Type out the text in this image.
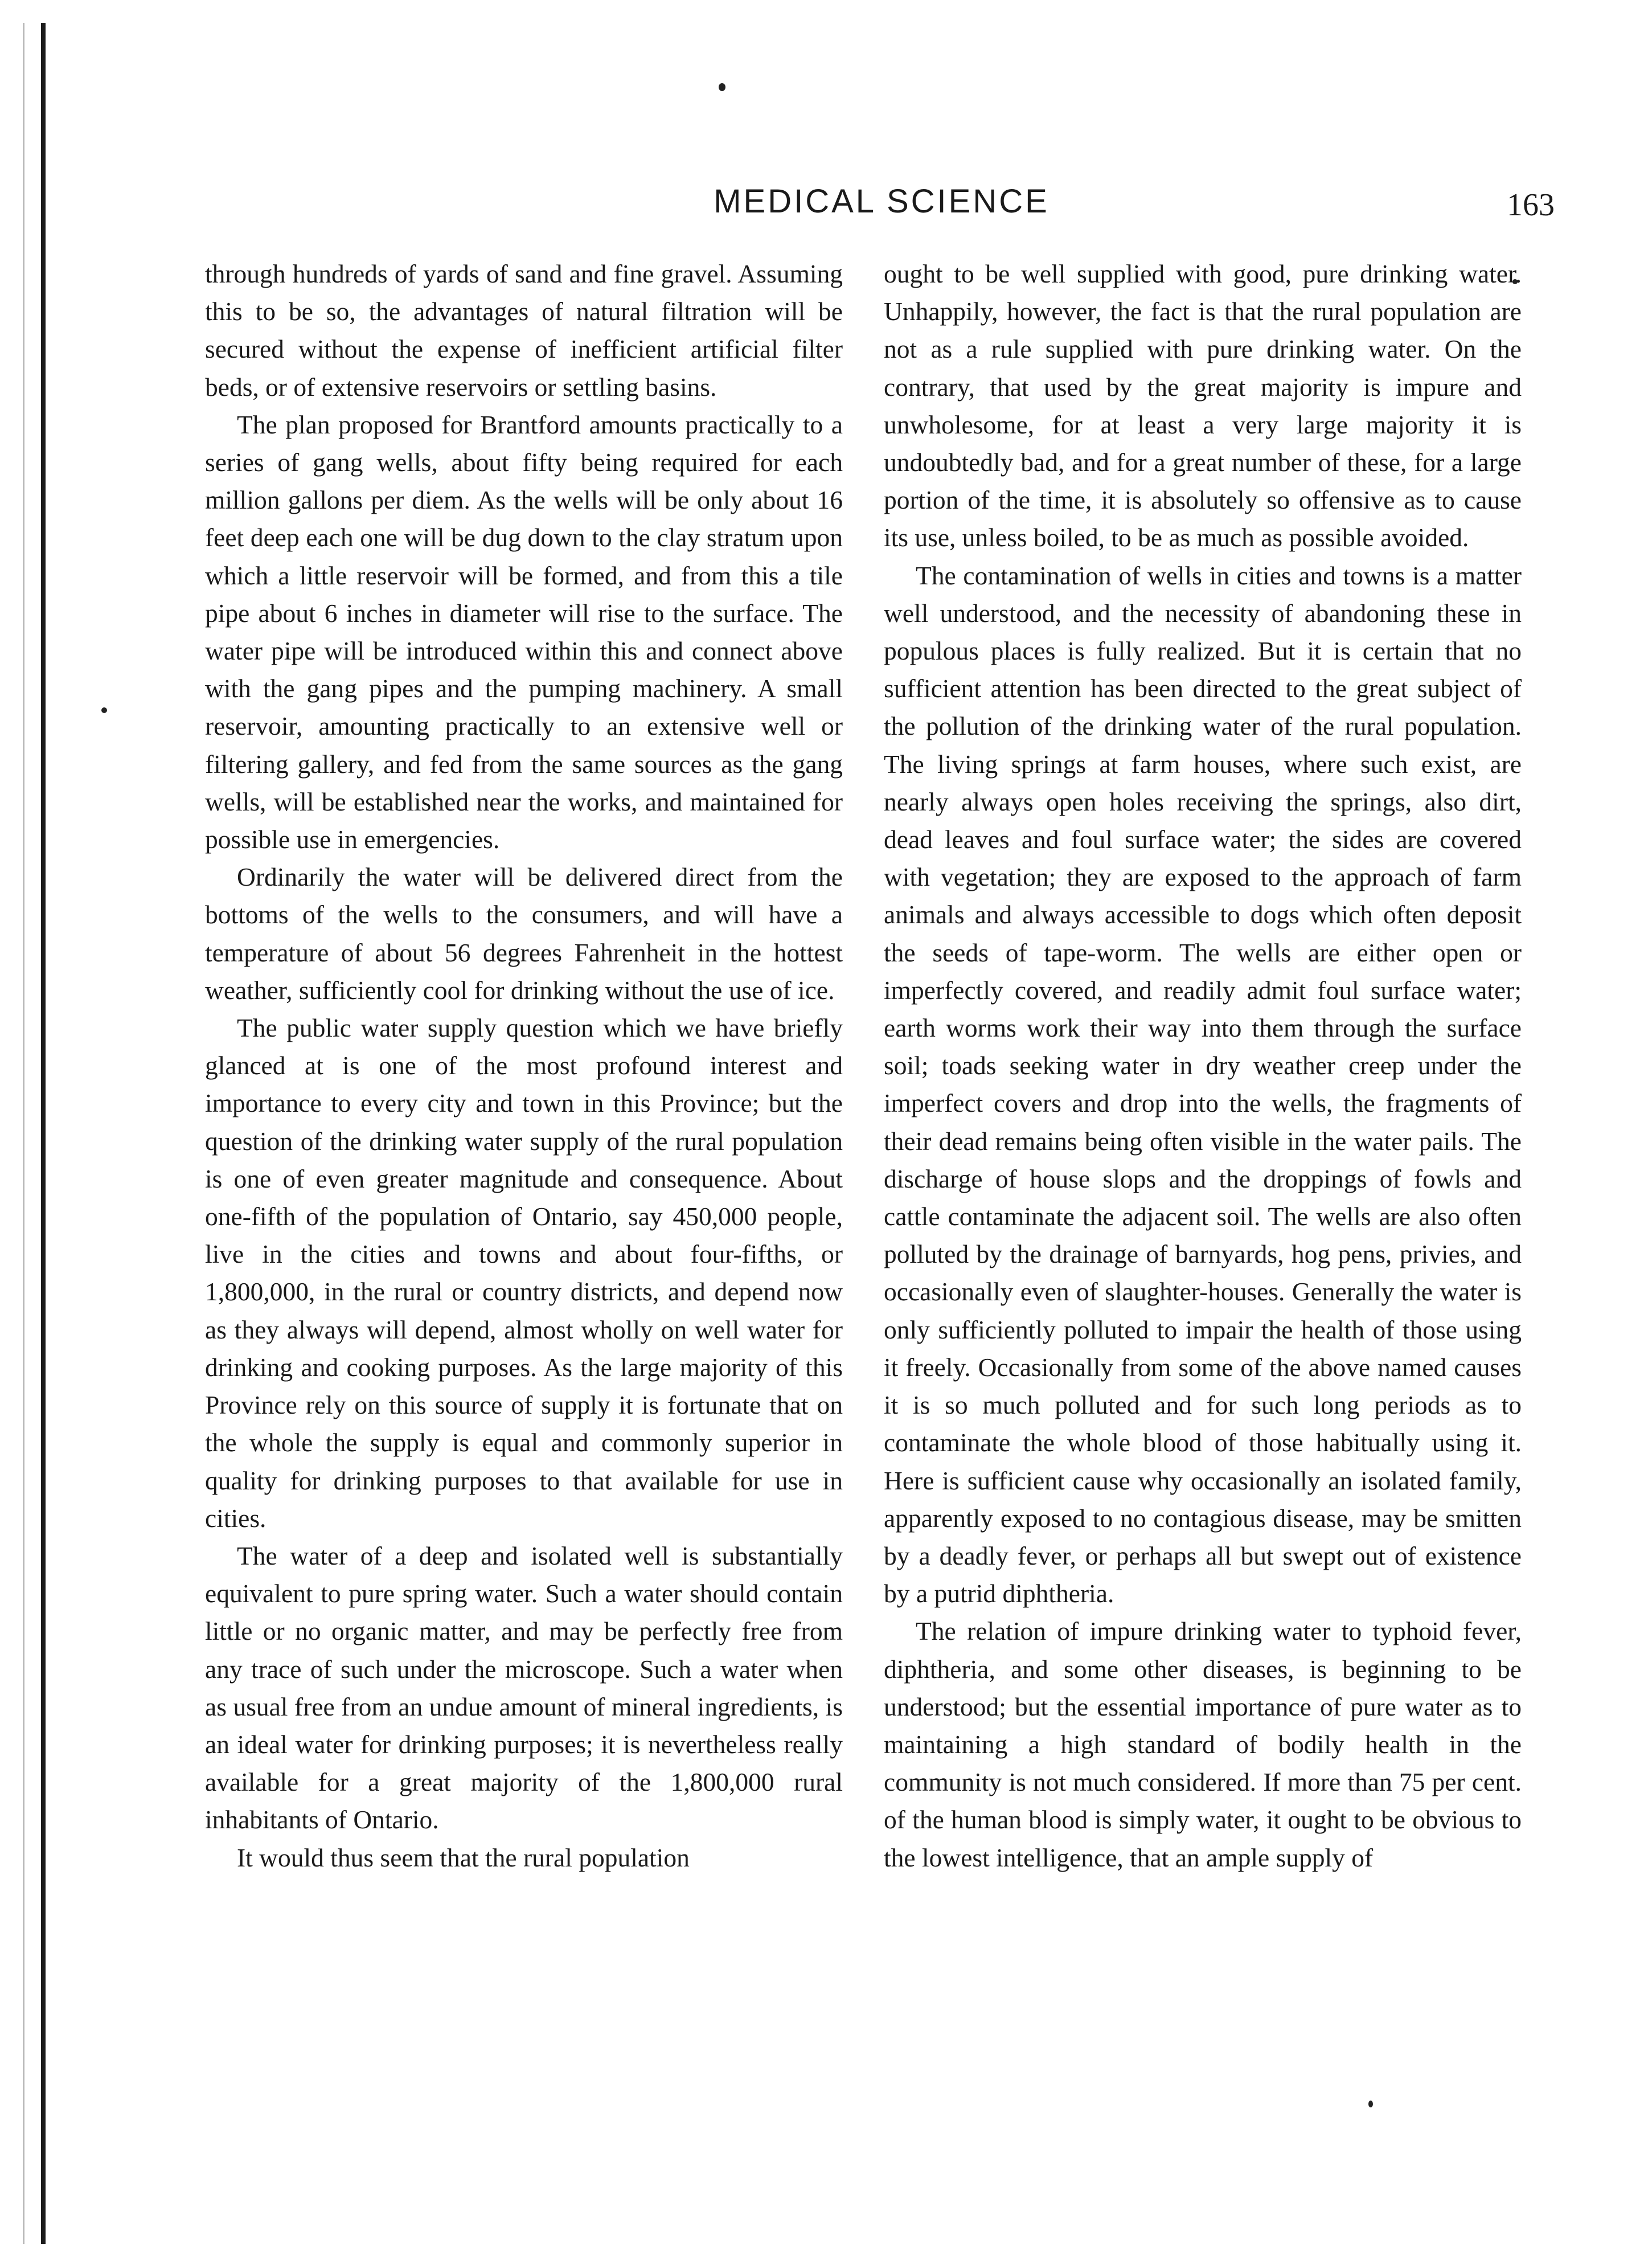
MEDICAL SCIENCE	163

through hundreds of yards of sand and fine gravel. Assuming this to be so, the advantages of natural filtration will be secured without the expense of inefficient artificial filter beds, or of extensive reservoirs or settling basins.

The plan proposed for Brantford amounts practically to a series of gang wells, about fifty being required for each million gallons per diem. As the wells will be only about 16 feet deep each one will be dug down to the clay stratum upon which a little reservoir will be formed, and from this a tile pipe about 6 inches in diameter will rise to the surface. The water pipe will be introduced within this and connect above with the gang pipes and the pumping machinery. A small reservoir, amounting practically to an extensive well or filtering gallery, and fed from the same sources as the gang wells, will be established near the works, and maintained for possible use in emergencies.

Ordinarily the water will be delivered direct from the bottoms of the wells to the consumers, and will have a temperature of about 56 degrees Fahrenheit in the hottest weather, sufficiently cool for drinking without the use of ice.

The public water supply question which we have briefly glanced at is one of the most profound interest and importance to every city and town in this Province; but the question of the drinking water supply of the rural population is one of even greater magnitude and consequence. About one-fifth of the population of Ontario, say 450,000 people, live in the cities and towns and about four-fifths, or 1,800,000, in the rural or country districts, and depend now as they always will depend, almost wholly on well water for drinking and cooking purposes. As the large majority of this Province rely on this source of supply it is fortunate that on the whole the supply is equal and commonly superior in quality for drinking purposes to that available for use in cities.

The water of a deep and isolated well is substantially equivalent to pure spring water. Such a water should contain little or no organic matter, and may be perfectly free from any trace of such under the microscope. Such a water when as usual free from an undue amount of mineral ingredients, is an ideal water for drinking purposes; it is nevertheless really available for a great majority of the 1,800,000 rural inhabitants of Ontario.

It would thus seem that the rural population

ought to be well supplied with good, pure drinking water. Unhappily, however, the fact is that the rural population are not as a rule supplied with pure drinking water. On the contrary, that used by the great majority is impure and unwholesome, for at least a very large majority it is undoubtedly bad, and for a great number of these, for a large portion of the time, it is absolutely so offensive as to cause its use, unless boiled, to be as much as possible avoided.

The contamination of wells in cities and towns is a matter well understood, and the necessity of abandoning these in populous places is fully realized. But it is certain that no sufficient attention has been directed to the great subject of the pollution of the drinking water of the rural population. The living springs at farm houses, where such exist, are nearly always open holes receiving the springs, also dirt, dead leaves and foul surface water; the sides are covered with vegetation; they are exposed to the approach of farm animals and always accessible to dogs which often deposit the seeds of tape-worm. The wells are either open or imperfectly covered, and readily admit foul surface water; earth worms work their way into them through the surface soil; toads seeking water in dry weather creep under the imperfect covers and drop into the wells, the fragments of their dead remains being often visible in the water pails. The discharge of house slops and the droppings of fowls and cattle contaminate the adjacent soil. The wells are also often polluted by the drainage of barnyards, hog pens, privies, and occasionally even of slaughter-houses. Generally the water is only sufficiently polluted to impair the health of those using it freely. Occasionally from some of the above named causes it is so much polluted and for such long periods as to contaminate the whole blood of those habitually using it. Here is sufficient cause why occasionally an isolated family, apparently exposed to no contagious disease, may be smitten by a deadly fever, or perhaps all but swept out of existence by a putrid diphtheria.

The relation of impure drinking water to typhoid fever, diphtheria, and some other diseases, is beginning to be understood; but the essential importance of pure water as to maintaining a high standard of bodily health in the community is not much considered. If more than 75 per cent. of the human blood is simply water, it ought to be obvious to the lowest intelligence, that an ample supply of
